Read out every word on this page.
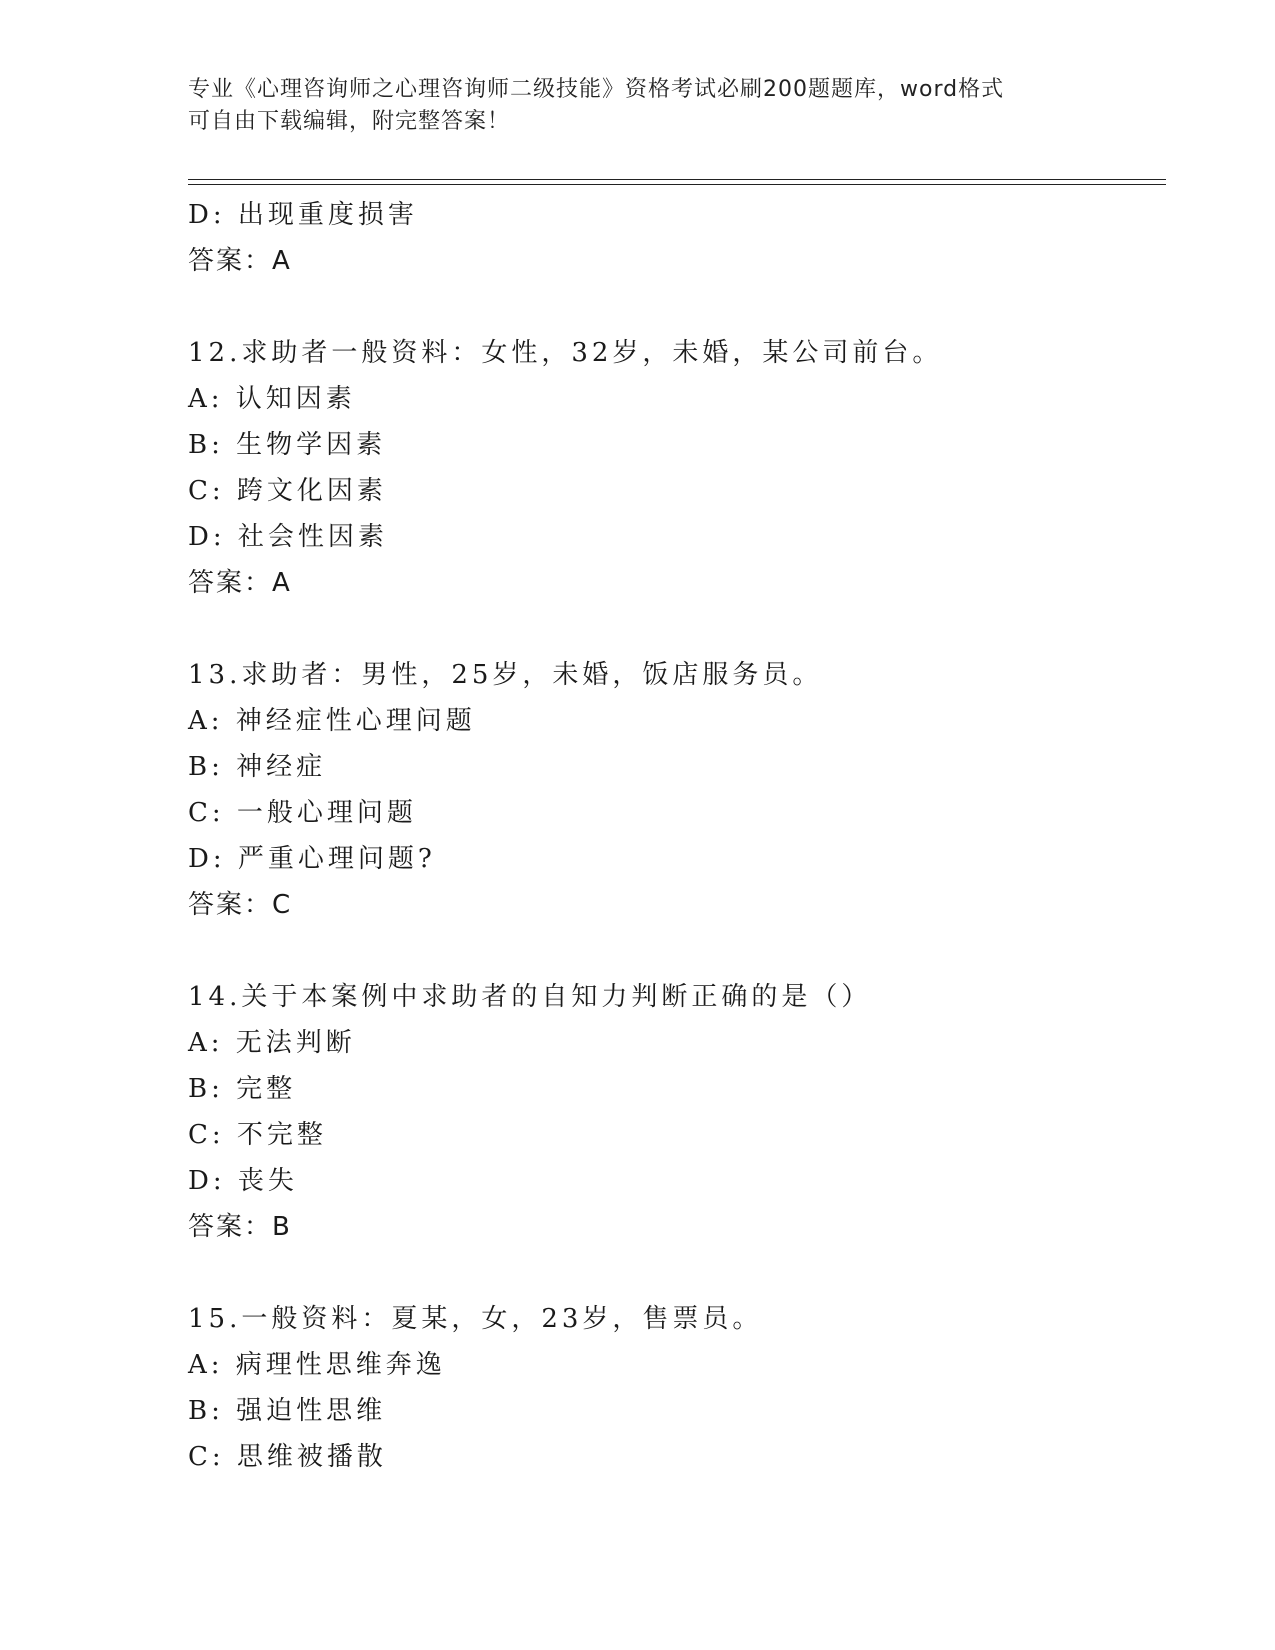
专业《心理咨询师之心理咨询师二级技能》资格考试必刷200题题库，word格式
可自由下载编辑，附完整答案！
D: 出现重度损害
答案：A
12.求助者一般资料：女性，32岁，未婚，某公司前台。
A: 认知因素
B: 生物学因素
C: 跨文化因素
D: 社会性因素
答案：A
13.求助者：男性，25岁，未婚，饭店服务员。
A: 神经症性心理问题
B: 神经症
C: 一般心理问题
D: 严重心理问题?
答案：C
14.关于本案例中求助者的自知力判断正确的是（）
A: 无法判断
B: 完整
C: 不完整
D: 丧失
答案：B
15.一般资料：夏某，女，23岁，售票员。
A: 病理性思维奔逸
B: 强迫性思维
C: 思维被播散
